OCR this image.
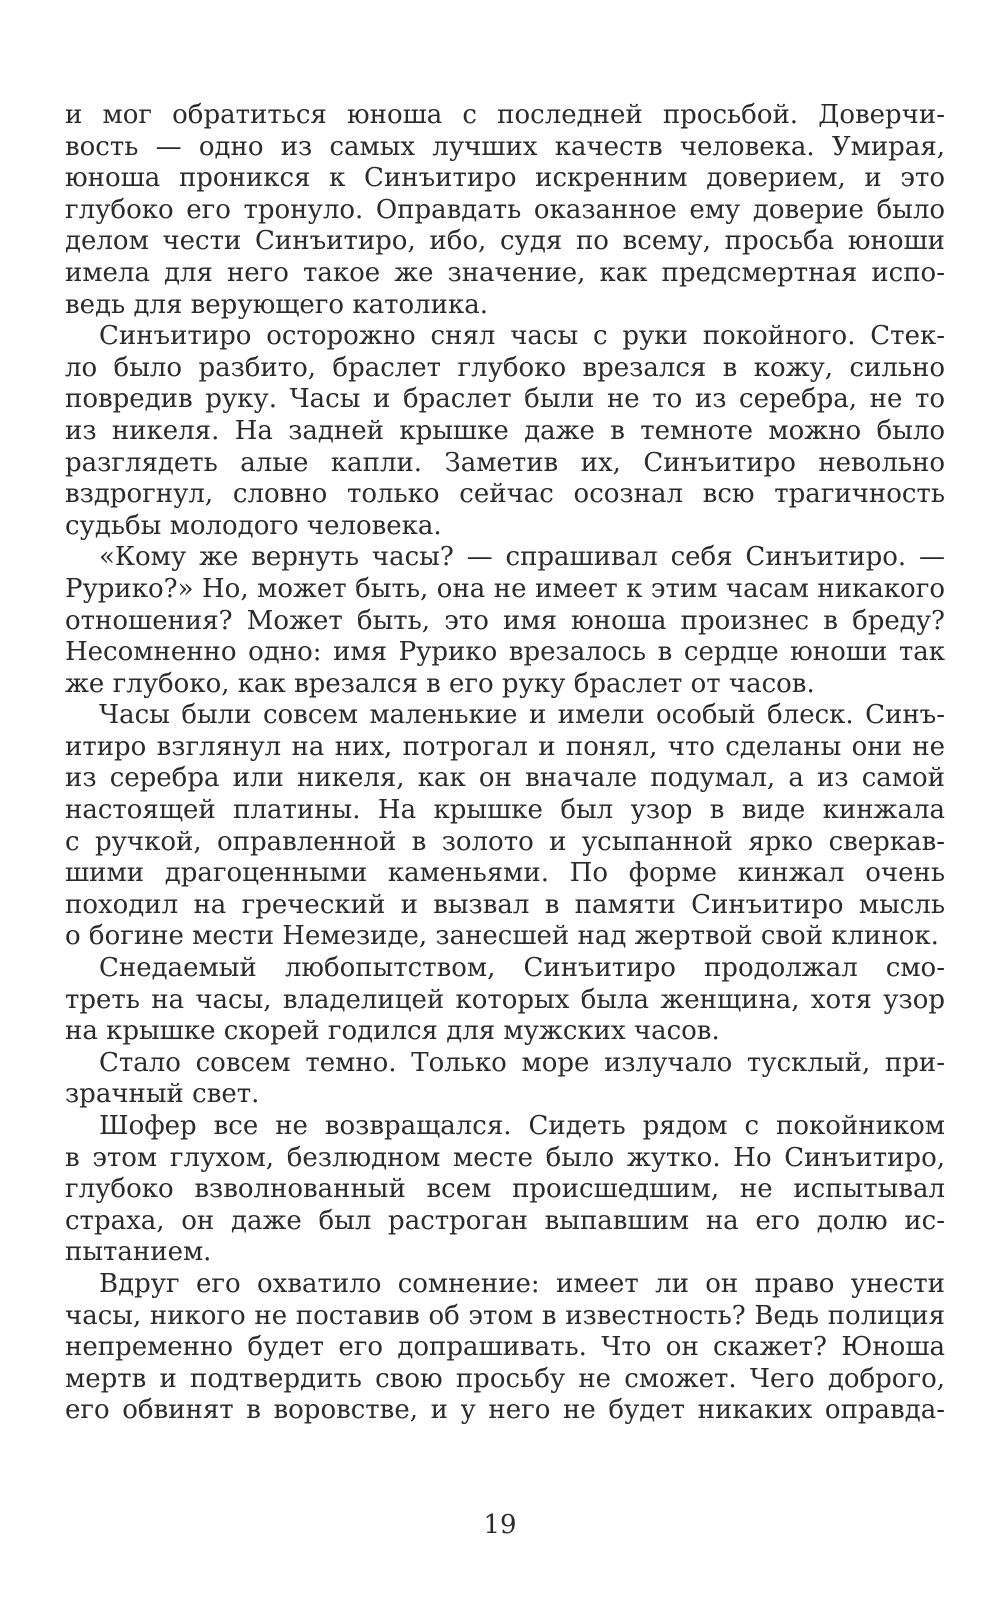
и мог обратиться юноша с последней просьбой. Доверчи-
вость — одно из самых лучших качеств человека. Умирая,
юноша проникся к Синъитиро искренним доверием, и это
глубоко его тронуло. Оправдать оказанное ему доверие было
делом чести Синъитиро, ибо, судя по всему, просьба юноши
имела для него такое же значение, как предсмертная испо-
ведь для верующего католика.
Синъитиро осторожно снял часы с руки покойного. Стек-
ло было разбито, браслет глубоко врезался в кожу, сильно
повредив руку. Часы и браслет были не то из серебра, не то
из никеля. На задней крышке даже в темноте можно было
разглядеть алые капли. Заметив их, Синъитиро невольно
вздрогнул, словно только сейчас осознал всю трагичность
судьбы молодого человека.
«Кому же вернуть часы? — спрашивал себя Синъитиро. —
Рурико?» Но, может быть, она не имеет к этим часам никакого
отношения? Может быть, это имя юноша произнес в бреду?
Несомненно одно: имя Рурико врезалось в сердце юноши так
же глубоко, как врезался в его руку браслет от часов.
Часы были совсем маленькие и имели особый блеск. Синъ-
итиро взглянул на них, потрогал и понял, что сделаны они не
из серебра или никеля, как он вначале подумал, а из самой
настоящей платины. На крышке был узор в виде кинжала
с ручкой, оправленной в золото и усыпанной ярко сверкав-
шими драгоценными каменьями. По форме кинжал очень
походил на греческий и вызвал в памяти Синъитиро мысль
о богине мести Немезиде, занесшей над жертвой свой клинок.
Снедаемый любопытством, Синъитиро продолжал смо-
треть на часы, владелицей которых была женщина, хотя узор
на крышке скорей годился для мужских часов.
Стало совсем темно. Только море излучало тусклый, при-
зрачный свет.
Шофер все не возвращался. Сидеть рядом с покойником
в этом глухом, безлюдном месте было жутко. Но Синъитиро,
глубоко взволнованный всем происшедшим, не испытывал
страха, он даже был растроган выпавшим на его долю ис-
пытанием.
Вдруг его охватило сомнение: имеет ли он право унести
часы, никого не поставив об этом в известность? Ведь полиция
непременно будет его допрашивать. Что он скажет? Юноша
мертв и подтвердить свою просьбу не сможет. Чего доброго,
его обвинят в воровстве, и у него не будет никаких оправда-
19
